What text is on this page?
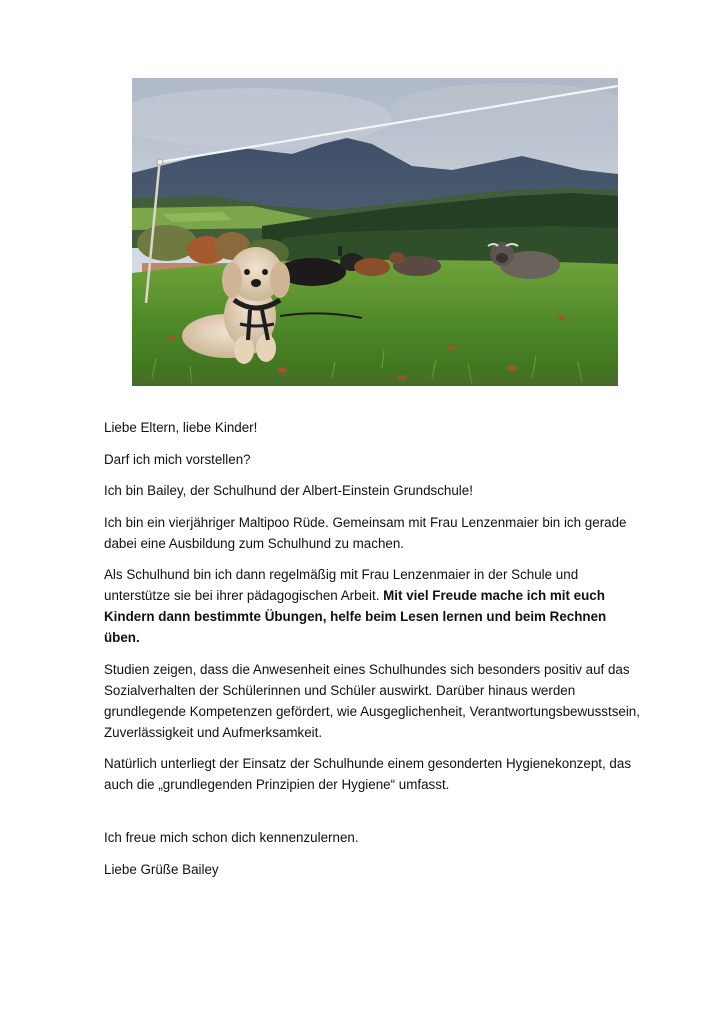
Liebe Eltern, liebe Kinder!

Darf ich mich vorstellen?

Ich bin Bailey, der Schulhund der Albert-Einstein Grundschule!

Ich bin ein vierjähriger Maltipoo Rüde. Gemeinsam mit Frau Lenzenmaier bin ich gerade dabei eine Ausbildung zum Schulhund zu machen.

Als Schulhund bin ich dann regelmäßig mit Frau Lenzenmaier in der Schule und unterstütze sie bei ihrer pädagogischen Arbeit. Mit viel Freude mache ich mit euch Kindern dann bestimmte Übungen, helfe beim Lesen lernen und beim Rechnen üben.

Studien zeigen, dass die Anwesenheit eines Schulhundes sich besonders positiv auf das Sozialverhalten der Schülerinnen und Schüler auswirkt. Darüber hinaus werden grundlegende Kompetenzen gefördert, wie Ausgeglichenheit, Verantwortungsbewusstsein, Zuverlässigkeit und Aufmerksamkeit.

Natürlich unterliegt der Einsatz der Schulhunde einem gesonderten Hygienekonzept, das auch die „grundlegenden Prinzipien der Hygiene“ umfasst.

Ich freue mich schon dich kennenzulernen.

Liebe Grüße Bailey
